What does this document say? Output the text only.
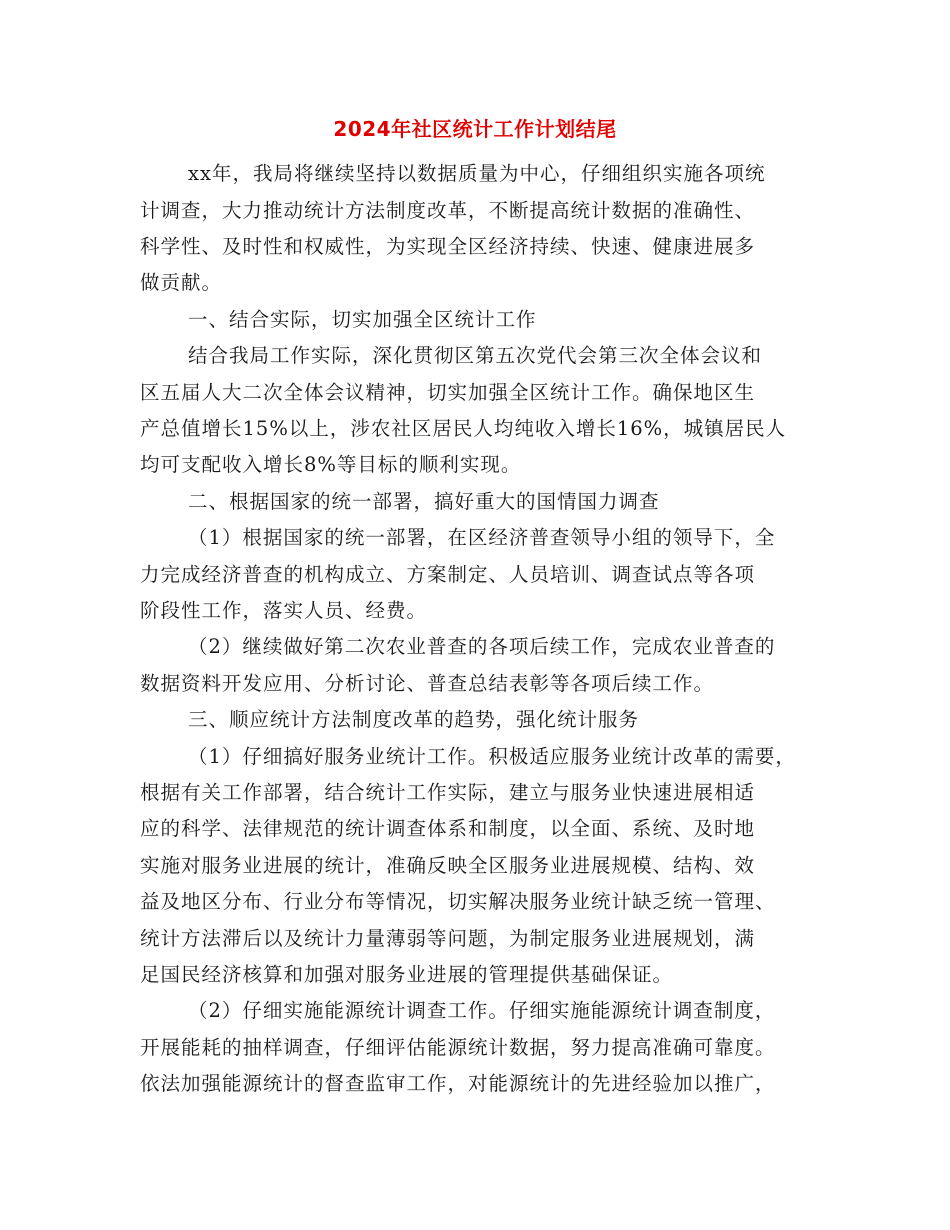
2024年社区统计工作计划结尾
xx年，我局将继续坚持以数据质量为中心，仔细组织实施各项统
计调查，大力推动统计方法制度改革，不断提高统计数据的准确性、
科学性、及时性和权威性，为实现全区经济持续、快速、健康进展多
做贡献。
一、结合实际，切实加强全区统计工作
结合我局工作实际，深化贯彻区第五次党代会第三次全体会议和
区五届人大二次全体会议精神，切实加强全区统计工作。确保地区生
产总值增长15%以上，涉农社区居民人均纯收入增长16%，城镇居民人
均可支配收入增长8%等目标的顺利实现。
二、根据国家的统一部署，搞好重大的国情国力调查
（1）根据国家的统一部署，在区经济普查领导小组的领导下，全
力完成经济普查的机构成立、方案制定、人员培训、调查试点等各项
阶段性工作，落实人员、经费。
（2）继续做好第二次农业普查的各项后续工作，完成农业普查的
数据资料开发应用、分析讨论、普查总结表彰等各项后续工作。
三、顺应统计方法制度改革的趋势，强化统计服务
（1）仔细搞好服务业统计工作。积极适应服务业统计改革的需要，
根据有关工作部署，结合统计工作实际，建立与服务业快速进展相适
应的科学、法律规范的统计调查体系和制度，以全面、系统、及时地
实施对服务业进展的统计，准确反映全区服务业进展规模、结构、效
益及地区分布、行业分布等情况，切实解决服务业统计缺乏统一管理、
统计方法滞后以及统计力量薄弱等问题，为制定服务业进展规划，满
足国民经济核算和加强对服务业进展的管理提供基础保证。
（2）仔细实施能源统计调查工作。仔细实施能源统计调查制度，
开展能耗的抽样调查，仔细评估能源统计数据，努力提高准确可靠度。
依法加强能源统计的督查监审工作，对能源统计的先进经验加以推广，
